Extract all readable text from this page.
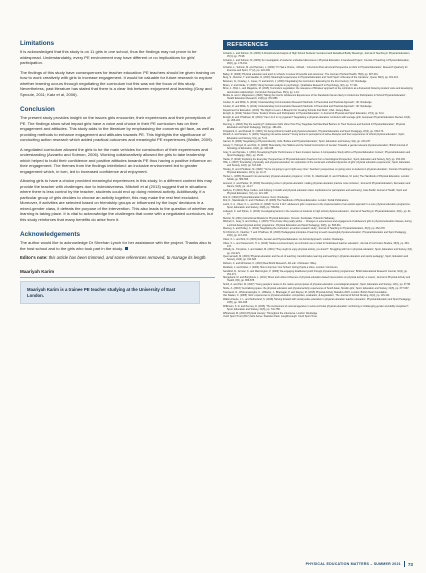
Limitations

It is acknowledged that this study is on 11 girls in one school, thus the findings may not prove to be widespread. Understandably, every PE environment may have different or no implications for girls' participation.

The findings of this study have consequences for teacher education: PE teachers should be given training on how to work creatively with girls to increase engagement. It would be valuable for future research to explore whether learning occurs through negotiating the curriculum but this was not the focus of this study. Nevertheless, past literature has stated that there is a clear link between enjoyment and learning (Gray and Sproule, 2011; Katz et al, 2006).

Conclusion

The present study provides insight on the issues girls encounter, their experiences and their perceptions of PE. The findings show what impact girls have a voice and choice in their PE curriculum has on their engagement and attitudes. This study adds to the literature by emphasising the concerns girl face, as well as providing methods to enhance engagement and attitudes towards PE. This highlights the significance of conducting action research which added practical outcomes and meaningful PE experiences (Walter, 2009).

A negotiated curriculum allowed the girls to be the main vehicles for construction of their experiences and understanding (Azzarito and Solmon, 2006). Working collaboratively allowed the girls to take leadership which helped to build their confidence and positive attitudes towards PE thus having a positive influence on their engagement. The themes from the findings interlinked: an inclusive environment led to greater engagement which, in turn, led to increased confidence and enjoyment.

Allowing girls to have a choice provided meaningful experiences in this study. In a different context this may provide the teacher with challenges due to indecisiveness. Mitchell et al (2013) suggest that in situations where there is less control by the teacher, students could end up doing minimal activity. Additionally, if a particular group of girls decides to choose an activity together, this may make the rest feel excluded. Moreover, if activities are selected based on friendship groups or influenced by the boys' decisions in a mixed-gender class, it defeats the purpose of the intervention. This also leads to the question of whether any learning is taking place. It is vital to acknowledge the challenges that come with a negotiated curriculum, but this study reinforces that many benefits do arise from it.

Acknowledgements

The author would like to acknowledge Dr Shrehan Lynch for her assistance with the project. Thanks also to the host school and to the girls who took part in the study.

Editor's note: this article has been trimmed, and some references removed, to manage its length.

Maariyah Karim

Maariyah Karim is a trainee PE teacher studying at the University of East London.

REFERENCES

Azzarito, L. and Solmon, M. (2006) 'A Poststructural Analysis of High School Students' Gendered and Racialized Bodily Meanings', Journal of Teaching in Physical Education, 25 (1) pp. 75-98.

Azzarito, L. and Solmon, M. (2009) 'An investigation of students' embodied discourses in Physical Education: A Gendered Project', Journal of Teaching in Physical Education, 28(2), pp. 173-191.

Azzarito, L., Solmon, M. and Harrison, L. (2006) ''If I Had a Choice, I Would...' A Feminist Post-structural Perspective on Girls in Physical Education', Research Quarterly for Exercise and Sport, 77 (2), pp. 222-239.

Bailey, R. (2006) 'Physical education and sport in schools: A review of benefits and outcomes', The Journal of School Health, 76(8), pp. 397-401.

Berg, S., Fletcher, T. and Gleddie, D. (2021) 'Meaningful experiences in Physical Education and Youth Sport: A Review of the Literature', Quest, 69(2), pp. 201-212.

Bowman, N., Crowley, J., Jones, H. and Enrich, J. (2020) 'Negotiating the Curriculum: Educating for the 21st Century', UK: Routledge.

Braun, V. and Clarke, V. (2006) 'Using thematic analysis in psychology', Qualitative Research in Psychology, 3(2), pp. 77-101.

Brion, J., Brisl, L. and Magazine, M. (2015) 'Curriculum negotiation: the relevance of Brookes' approach to the curriculum as a framework fostering student voice and developing democratic relationships', Curriculum Perspectives, 35(1), pp. 1-10.

Brodie, E. and J. Magnusson, (2020) 'Taking the Courts: Adolescent Experiences of the Standards that are likely to Undermine Participation in School Physical Education', Health Education Research, 21(6) pp. 872-883.

Coulter, D. and Willis, S. (2014) 'Understanding Communication Research Methods: A Theoretical and Practical Approach', UK: Routledge.

Coulter, D. and Willis, S. (2014) 'Understanding Communication Research Methods: A Theoretical and Practical Approach', UK: Routledge.

Department for Education. (2013) 'The Right to Learn: A Blueprint for Creating Schools that Work', USA: Jossey-Bass.

Enright, E. (2014) 'Student Voice: Student Choice and Participation in Physical Education', in Journal of Physical and Sport Education, 27(4), pp. 8-11.

Enright, E. and O'Sullivan, M. (2010) ''Can I do it in my pyjamas?' Negotiating a physical education curriculum with teenage girls', European Physical Education Review, 16(3), pp. 203-222.

Fleming, L. (2016) 'Pay the Learning?': Adolescent Girls Voice How They Negotiate Self-Identified Barriers to Their Success and Survival in Physical Education', Physical Education and Sport Pedagogy, 19(2) pp. 184-201.

Fitzpatrick, K. and Russell, D. (2016) 'On being critical in health and physical education', Physical Education and Sport Pedagogy, 20(2), pp. 159-173.

Flintoff, A. and Scraton, S. (2001) 'Stepping into active leisure? Young women's perceptions of active lifestyles and their experiences of school physical education', Sport, Education and Society, 6(1), pp. 5-21.

Garrett, R. (2004) 'Negotiating a Physical Identity: Girls, Bodies and Physical Education', Sport, Education and Society, 9(2), pp. 223-237.

Gorely, T., Holroyd, R. and Kirk, D. (2003) 'Muscularity, the Habitus and the Social Construction of Gender: Towards a gender-relevant physical education', British Journal of Sociology of Education, 24(4), pp. 429-448.

Gray, S. and Sproule, J. (2011) 'Developing Pupils' Performance in Team Invasion Games: A Comparative Study within a Physical Education Context', Physical Education and Sport Pedagogy, 16(1), pp. 15-32.

Hastie, P. (2014) 'Exploring the Everyday: Perspectives of Physical Education Teachers from a Sociological Perspective', Sport, Education and Society, 6(2), pp. 153-169.

Hills, L. (2007) 'Friendship, physicality, and physical education: An exploration of the social and embodied dynamics of girls' physical education experiences', Sport, Education and Society, 12(3), pp. 317-336.

Howley, D. and O'Sullivan, M. (2020) ''You're not going to get it right every time': Teachers' perspectives on giving voice to students in physical education', Journal of Teaching in Physical Education, 40(1), pp. 11-17.

Hunter, L. (2006) 'Research into elementary physical education programs', in Kirk, D., MacDonald, D. and O'Sullivan, M. (eds.) The Handbook of Physical Education. London: SAGE, pp. 580-595.

Iannucci, C. and Parker, M. (2020) 'Developing voice in physical education: making physical education practice more inclusive', Journal of Physical Education, Recreation and Dance, 91(3), pp. 12-17.

Jachyra, P. (2016) 'Boys, bodies, and bullying in health and physical education class: implications for participation and well-being', Asia-Pacific Journal of Health, Sport and Physical Education, 7(2), pp. 121-138.

Kirk, D. (2010) Physical Education Futures. Oxon: Routledge.

Kirk, D., Macdonald, D. and O'Sullivan, M. (2006) The Handbook of Physical Education. London: SAGE Publications.

Lamb, C. A., Oliver, K. L. and Kirk, D. (2018) ''Go for it Girl': adolescent girls' responses to the implementation of an activist approach in a core physical education programme', Sport, Education and Society, 23(8), pp. 799-811.

Lodewyk, K. and Pybus, C. (2013) 'Investigating factors in the retention of students in high school physical education', Journal of Teaching in Physical Education, 32(1), pp. 61-77.

Metzler, M. (2011) Instructional Models for Physical Education. 3rd edn. Scottsdale: Holcomb Hathaway.

Mitchell, F., Gray, S. and Inchley, J. (2015) ''This choice thing really works ...' Changes in experiences and engagement of adolescent girls in physical education classes, during a school-based physical activity programme', Physical Education and Sport Pedagogy, 20(6), pp. 593-611.

Mooney, A. and Hickey, C. (2012) 'Negotiating the curriculum: an action research study', Journal of Teaching in Physical Education, 31(3), pp. 262-278.

Ní Chróinín, D., Fletcher, T. and O'Sullivan, M. (2018) 'Pedagogical principles of learning to teach meaningful physical education', Physical Education and Sport Pedagogy, 23(2), pp. 117-133.

Oliver, K. L. and Kirk, D. (2015) Girls, Gender and Physical Education: An Activist Approach. London: Routledge.

Oliver, K. L. and Oesterreich, H. A. (2013) 'Student-centred inquiry as curriculum as a model for field-based teacher education', Journal of Curriculum Studies, 45(3), pp. 394-417.

O'Reilly, E., Tompkins, J. and Gallant, M. (2001) ''They ought to enjoy physical activity, you know?': Struggling with fun in physical education', Sport, Education and Society, 6(2), pp. 211-221.

Quennerstedt, M. (2019) 'Physical education and the art of teaching: transformative learning and teaching in physical education and sports pedagogy', Sport, Education and Society, 24(6), pp. 611-623.

Robson, C. and McCartan, K. (2016) Real World Research. 4th edn. Chichester: Wiley.

Rudduck, J. and Flutter, J. (2004) How to Improve Your School: Giving Pupils a Voice. London: Continuum.

Sandford, R., Armour, K. and Warmington, P. (2006) 'Re-engaging disaffected youth through physical activity programmes', British Educational Research Journal, 32(2), pp. 251-271.

Slingerland, M. and Borghouts, L. (2011) 'Direct and indirect influence of physical education-based interventions on physical activity: a review', Journal of Physical Activity and Health, 8(6), pp. 866-878.

Smith, A. and Parr, M. (2007) 'Young people's views on the nature and purposes of physical education: a sociological analysis', Sport, Education and Society, 12(1), pp. 37-58.

Stride, A. (2016) 'Centralising space: the physical education and physical activity experiences of South Asian, Muslim girls', Sport, Education and Society, 21(5), pp. 677-697.

Townsend, N., Wickramasinghe, K., Williams, J., Bhatnagar, P. and Rayner, M. (2015) Physical Activity Statistics 2015. London: British Heart Foundation.

Van Daalen, C. (2005) 'Girls' experiences in physical education: competition, evaluation, & degradation', The Journal of School Nursing, 21(2), pp. 115-121.

Walton-Fisette, J. L. and Sutherland, S. (2018) 'Moving forward with social justice education in physical education teacher education', Physical Education and Sport Pedagogy, 23(5), pp. 461-468.

Wilkinson, S. D. and Penney, D. (2016) 'The involvement of external agencies in extra-curricular physical education: reinforcing or challenging gender and ability inequities?', Sport, Education and Society, 21(5), pp. 741-758.

Whitehead, M. (2010) Physical Literacy: Throughout the Lifecourse. London: Routledge.

Youth Sport Trust (2017) Girls Active: Statistics Pack. Loughborough: Youth Sport Trust.

PHYSICAL EDUCATION MATTERS – SUMMER 2021 73
